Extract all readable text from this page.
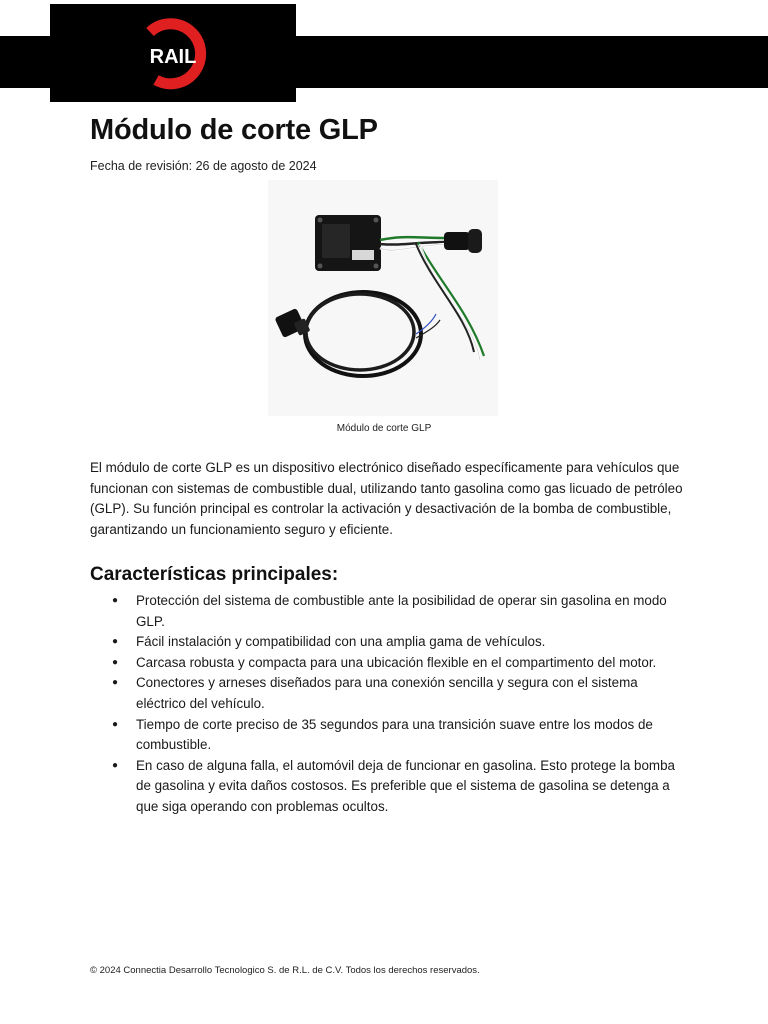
RAIL
Módulo de corte GLP
Fecha de revisión: 26 de agosto de 2024
Módulo de corte GLP

El módulo de corte GLP es un dispositivo electrónico diseñado específicamente para vehículos que funcionan con sistemas de combustible dual, utilizando tanto gasolina como gas licuado de petróleo (GLP). Su función principal es controlar la activación y desactivación de la bomba de combustible, garantizando un funcionamiento seguro y eficiente.

Características principales:
● Protección del sistema de combustible ante la posibilidad de operar sin gasolina en modo GLP.
● Fácil instalación y compatibilidad con una amplia gama de vehículos.
● Carcasa robusta y compacta para una ubicación flexible en el compartimento del motor.
● Conectores y arneses diseñados para una conexión sencilla y segura con el sistema eléctrico del vehículo.
● Tiempo de corte preciso de 35 segundos para una transición suave entre los modos de combustible.
● En caso de alguna falla, el automóvil deja de funcionar en gasolina. Esto protege la bomba de gasolina y evita daños costosos. Es preferible que el sistema de gasolina se detenga a que siga operando con problemas ocultos.
© 2024 Connectia Desarrollo Tecnologico S. de R.L. de C.V. Todos los derechos reservados.
